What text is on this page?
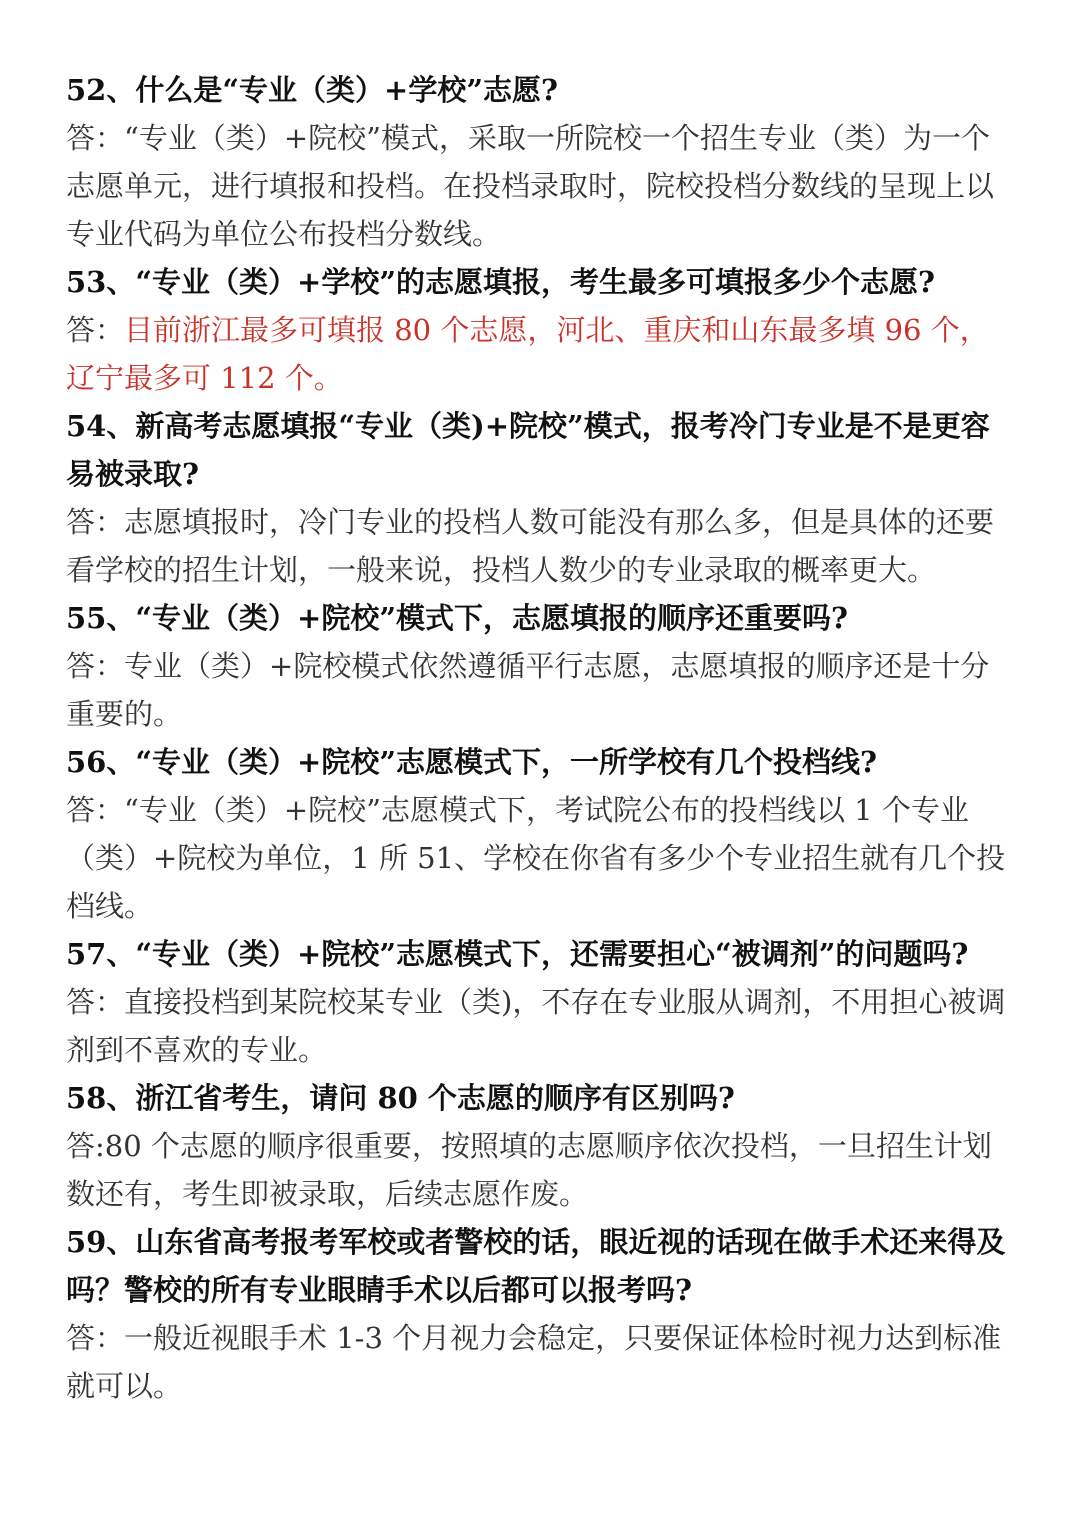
52、什么是“专业（类）+学校”志愿?

答：“专业（类）+院校”模式，采取一所院校一个招生专业（类）为一个志愿单元，进行填报和投档。在投档录取时，院校投档分数线的呈现上以专业代码为单位公布投档分数线。

53、“专业（类）+学校”的志愿填报，考生最多可填报多少个志愿?

答：目前浙江最多可填报 80 个志愿，河北、重庆和山东最多填 96 个，辽宁最多可 112 个。

54、新高考志愿填报“专业（类)+院校”模式，报考冷门专业是不是更容易被录取?

答：志愿填报时，冷门专业的投档人数可能没有那么多，但是具体的还要看学校的招生计划，一般来说，投档人数少的专业录取的概率更大。

55、“专业（类）+院校”模式下，志愿填报的顺序还重要吗?

答：专业（类）+院校模式依然遵循平行志愿，志愿填报的顺序还是十分重要的。

56、“专业（类）+院校”志愿模式下，一所学校有几个投档线?

答：“专业（类）+院校”志愿模式下，考试院公布的投档线以 1 个专业（类）+院校为单位，1 所 51、学校在你省有多少个专业招生就有几个投档线。

57、“专业（类）+院校”志愿模式下，还需要担心“被调剂”的问题吗?

答：直接投档到某院校某专业（类)，不存在专业服从调剂，不用担心被调剂到不喜欢的专业。

58、浙江省考生，请问 80 个志愿的顺序有区别吗?

答:80 个志愿的顺序很重要，按照填的志愿顺序依次投档，一旦招生计划数还有，考生即被录取，后续志愿作废。

59、山东省高考报考军校或者警校的话，眼近视的话现在做手术还来得及吗？警校的所有专业眼睛手术以后都可以报考吗?

答：一般近视眼手术 1-3 个月视力会稳定，只要保证体检时视力达到标准就可以。
